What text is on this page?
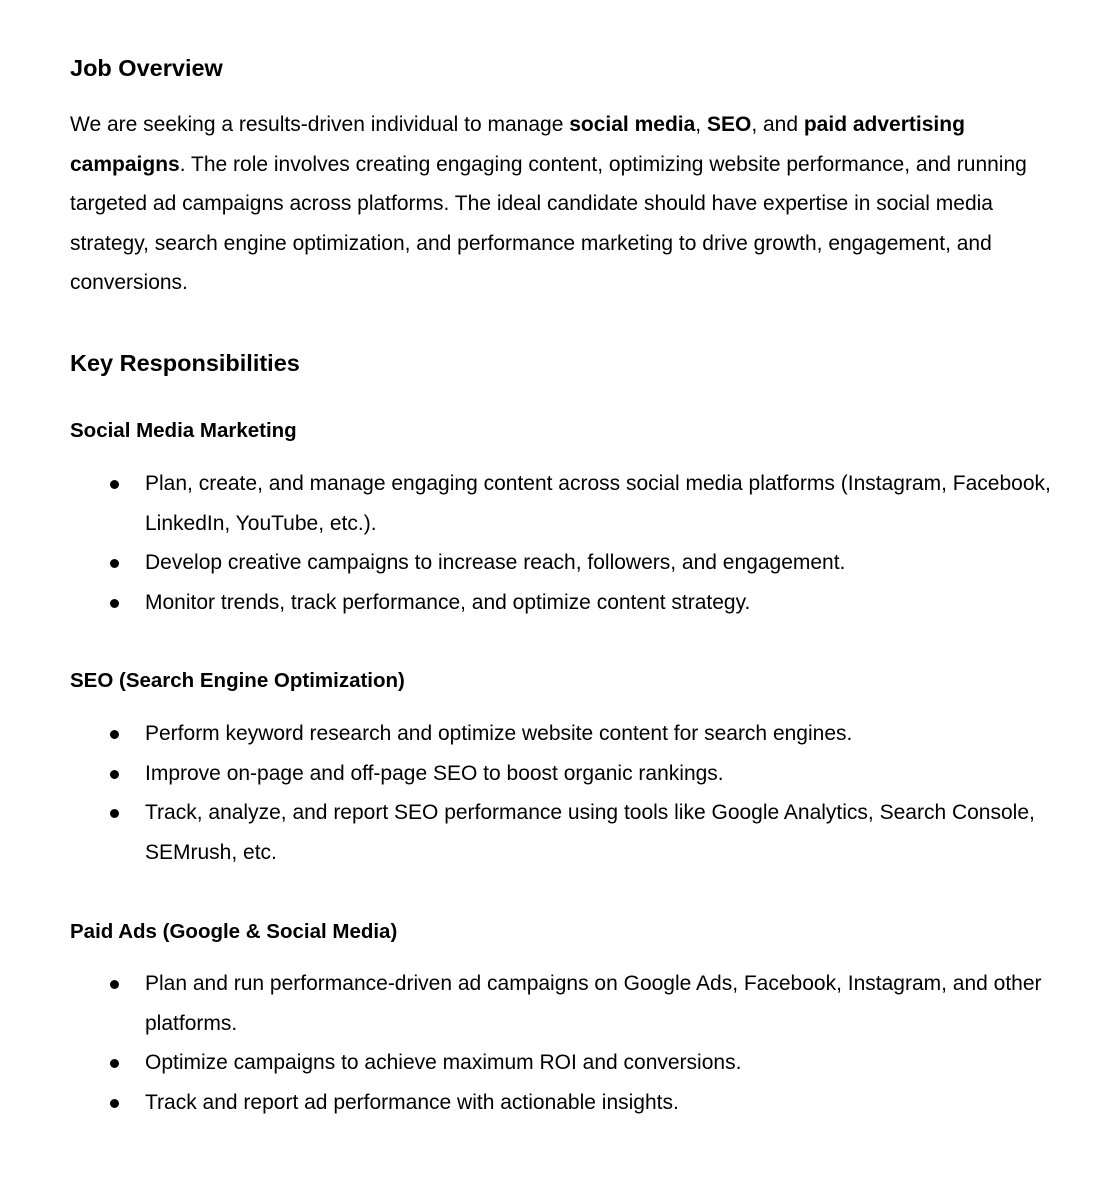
Job Overview

We are seeking a results-driven individual to manage social media, SEO, and paid advertising campaigns. The role involves creating engaging content, optimizing website performance, and running targeted ad campaigns across platforms. The ideal candidate should have expertise in social media strategy, search engine optimization, and performance marketing to drive growth, engagement, and conversions.

Key Responsibilities
Social Media Marketing
Plan, create, and manage engaging content across social media platforms (Instagram, Facebook, LinkedIn, YouTube, etc.).
Develop creative campaigns to increase reach, followers, and engagement.
Monitor trends, track performance, and optimize content strategy.
SEO (Search Engine Optimization)
Perform keyword research and optimize website content for search engines.
Improve on-page and off-page SEO to boost organic rankings.
Track, analyze, and report SEO performance using tools like Google Analytics, Search Console, SEMrush, etc.
Paid Ads (Google & Social Media)
Plan and run performance-driven ad campaigns on Google Ads, Facebook, Instagram, and other platforms.
Optimize campaigns to achieve maximum ROI and conversions.
Track and report ad performance with actionable insights.
